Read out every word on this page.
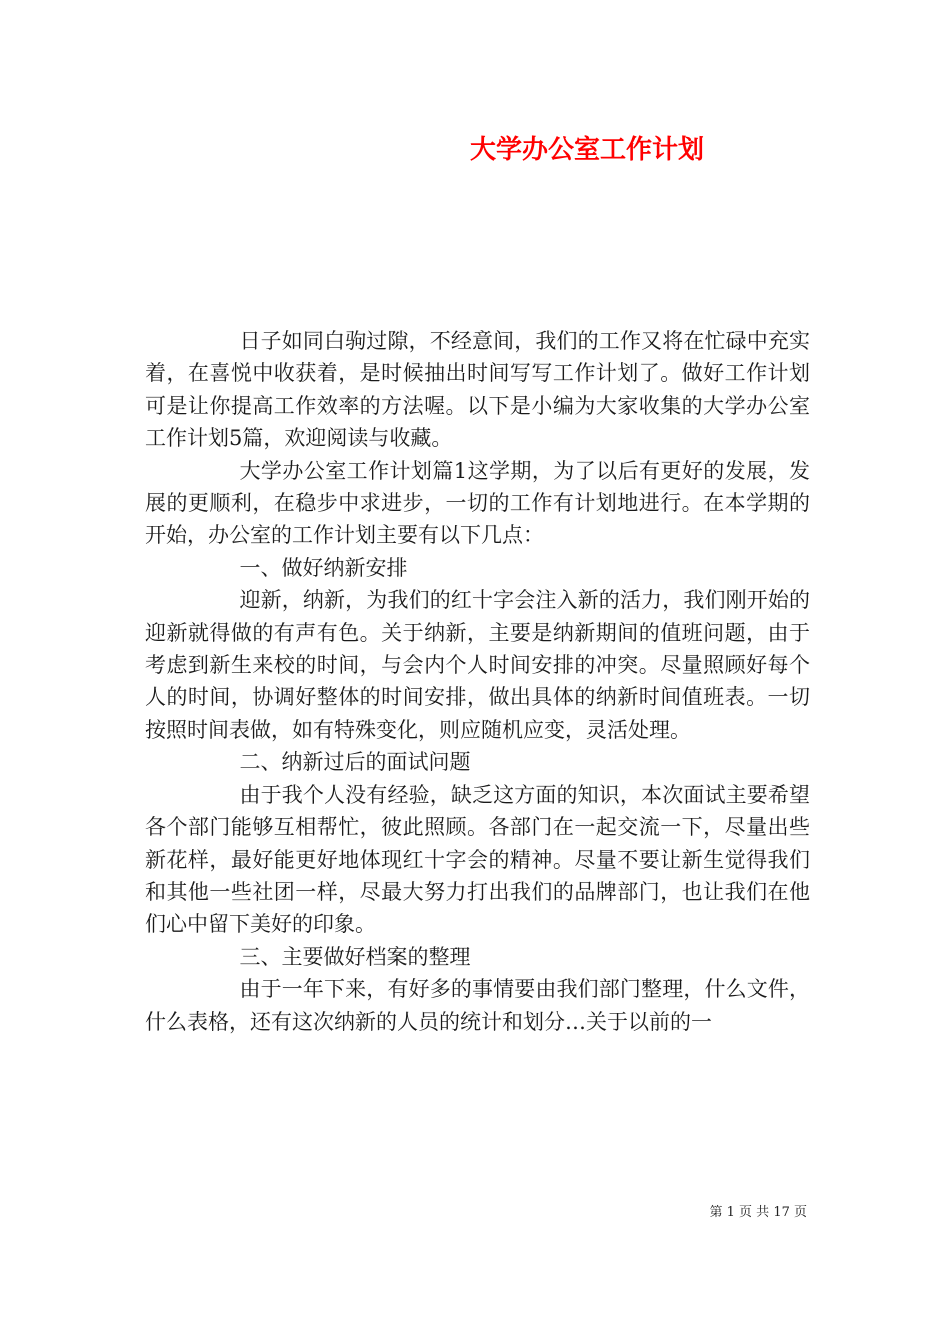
大学办公室工作计划

日子如同白驹过隙，不经意间，我们的工作又将在忙碌中充实着，在喜悦中收获着，是时候抽出时间写写工作计划了。做好工作计划可是让你提高工作效率的方法喔。以下是小编为大家收集的大学办公室工作计划5篇，欢迎阅读与收藏。

大学办公室工作计划篇1这学期，为了以后有更好的发展，发展的更顺利，在稳步中求进步，一切的工作有计划地进行。在本学期的开始，办公室的工作计划主要有以下几点：

一、做好纳新安排

迎新，纳新，为我们的红十字会注入新的活力，我们刚开始的迎新就得做的有声有色。关于纳新，主要是纳新期间的值班问题，由于考虑到新生来校的时间，与会内个人时间安排的冲突。尽量照顾好每个人的时间，协调好整体的时间安排，做出具体的纳新时间值班表。一切按照时间表做，如有特殊变化，则应随机应变，灵活处理。

二、纳新过后的面试问题

由于我个人没有经验，缺乏这方面的知识，本次面试主要希望各个部门能够互相帮忙，彼此照顾。各部门在一起交流一下，尽量出些新花样，最好能更好地体现红十字会的精神。尽量不要让新生觉得我们和其他一些社团一样，尽最大努力打出我们的品牌部门，也让我们在他们心中留下美好的印象。

三、主要做好档案的整理

由于一年下来，有好多的事情要由我们部门整理，什么文件，什么表格，还有这次纳新的人员的统计和划分…关于以前的一

第 1 页 共 17 页
